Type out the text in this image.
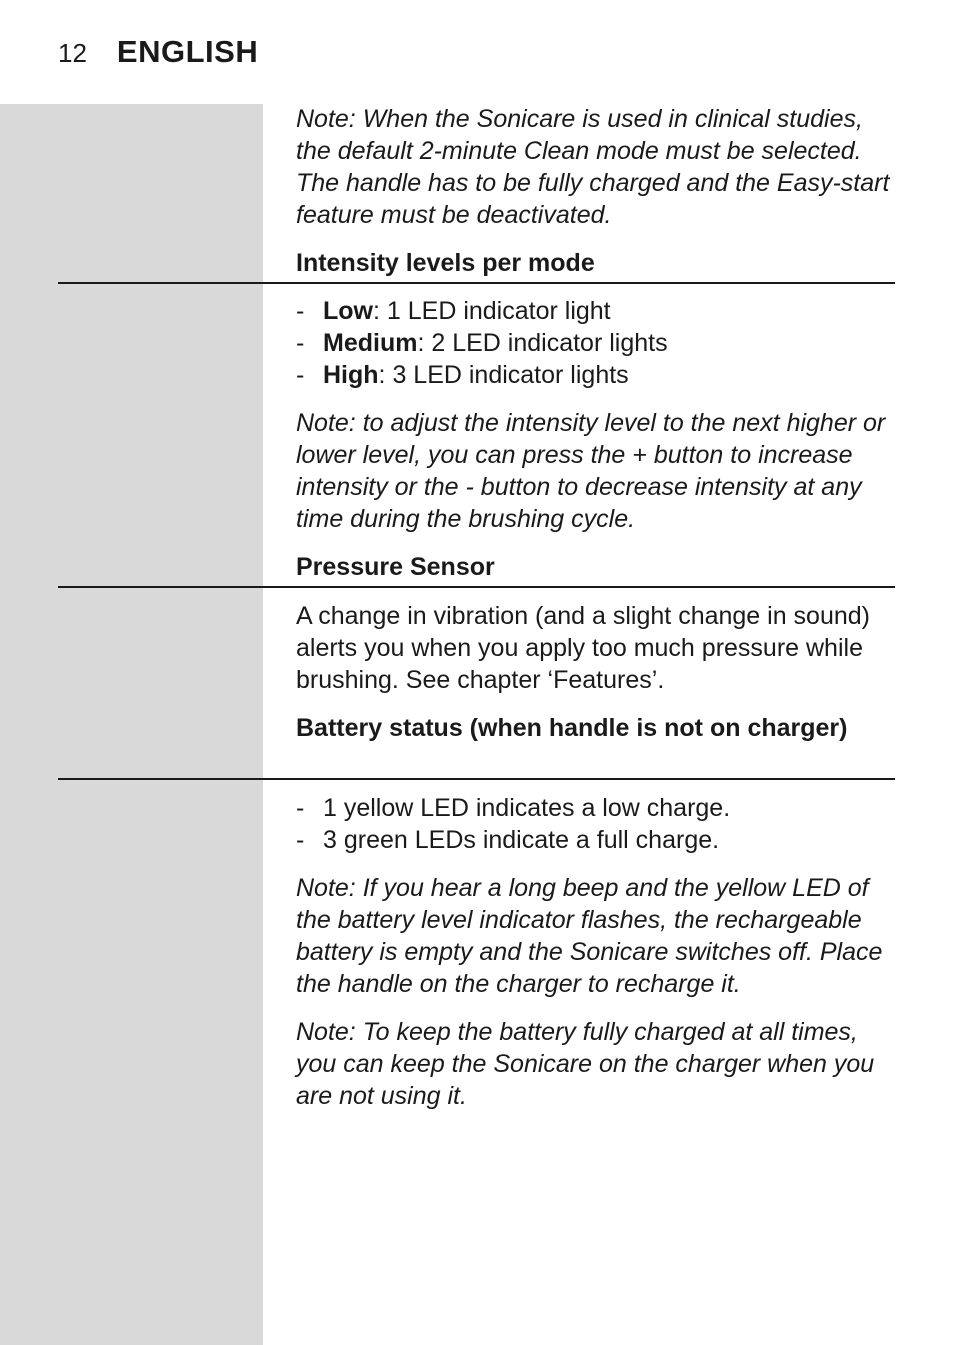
12 ENGLISH

Note: When the Sonicare is used in clinical studies, the default 2-minute Clean mode must be selected. The handle has to be fully charged and the Easy-start feature must be deactivated.

Intensity levels per mode
- Low: 1 LED indicator light
- Medium: 2 LED indicator lights
- High: 3 LED indicator lights

Note: to adjust the intensity level to the next higher or lower level, you can press the + button to increase intensity or the - button to decrease intensity at any time during the brushing cycle.

Pressure Sensor

A change in vibration (and a slight change in sound) alerts you when you apply too much pressure while brushing. See chapter ‘Features’.

Battery status (when handle is not on charger)
- 1 yellow LED indicates a low charge.
- 3 green LEDs indicate a full charge.

Note: If you hear a long beep and the yellow LED of the battery level indicator flashes, the rechargeable battery is empty and the Sonicare switches off. Place the handle on the charger to recharge it.

Note: To keep the battery fully charged at all times, you can keep the Sonicare on the charger when you are not using it.
